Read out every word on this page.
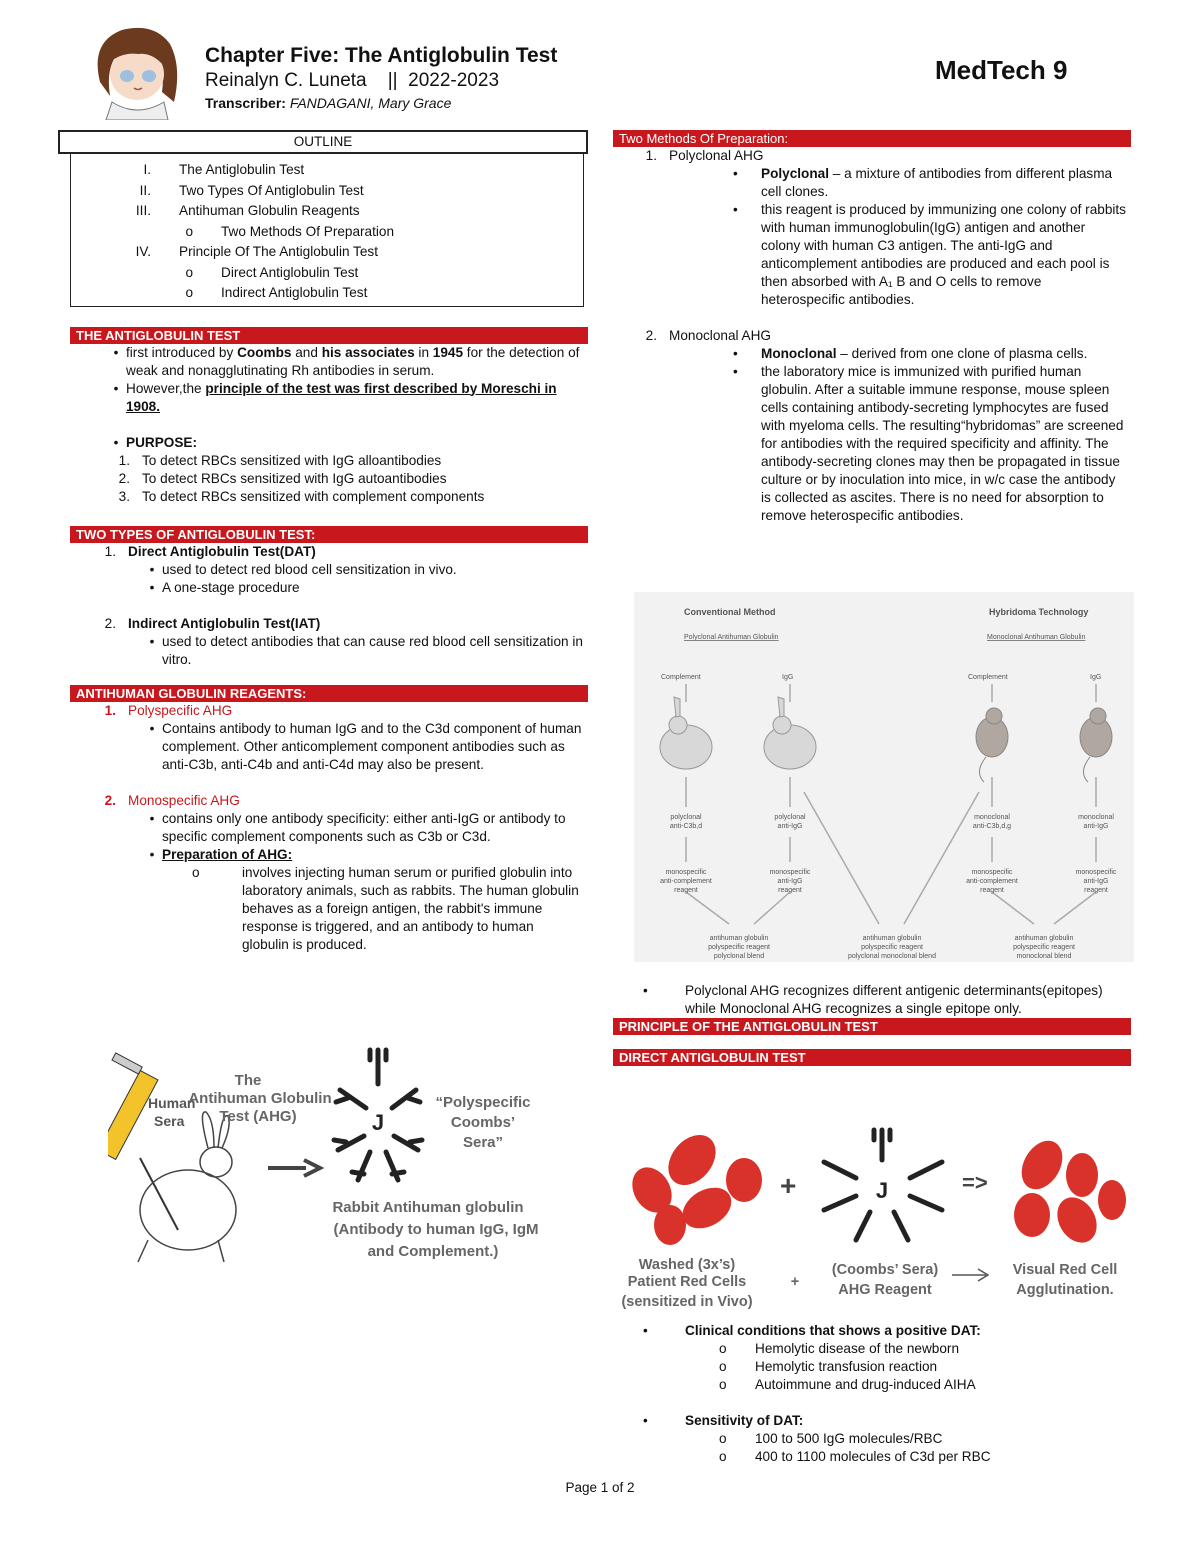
Chapter Five: The Antiglobulin Test
Reinalyn C. Luneta    ||  2022-2023
Transcriber: FANDAGANI, Mary Grace
MedTech 9
OUTLINE
I.	The Antiglobulin Test
II.	Two Types Of Antiglobulin Test
III.	Antihuman Globulin Reagents
o	Two Methods Of Preparation
IV.	Principle Of The Antiglobulin Test
o	Direct Antiglobulin Test
o	Indirect Antiglobulin Test
THE ANTIGLOBULIN TEST
• first introduced by Coombs and his associates in 1945 for the detection of weak and nonagglutinating Rh antibodies in serum.
• However,the principle of the test was first described by Moreschi in 1908.
• PURPOSE:
1. To detect RBCs sensitized with IgG alloantibodies
2. To detect RBCs sensitized with IgG autoantibodies
3. To detect RBCs sensitized with complement components
TWO TYPES OF ANTIGLOBULIN TEST:
1. Direct Antiglobulin Test(DAT)
• used to detect red blood cell sensitization in vivo.
• A one-stage procedure
2. Indirect Antiglobulin Test(IAT)
• used to detect antibodies that can cause red blood cell sensitization in vitro.
ANTIHUMAN GLOBULIN REAGENTS:
1. Polyspecific AHG
• Contains antibody to human IgG and to the C3d component of human complement. Other anticomplement component antibodies such as anti-C3b, anti-C4b and anti-C4d may also be present.
2. Monospecific AHG
• contains only one antibody specificity: either anti-IgG or antibody to specific complement components such as C3b or C3d.
• Preparation of AHG:
o	involves injecting human serum or purified globulin into laboratory animals, such as rabbits. The human globulin behaves as a foreign antigen, the rabbit's immune response is triggered, and an antibody to human globulin is produced.
Human
Sera
The
Antihuman Globulin
Test (AHG)	J
“Polyspecific
Coombs’
Sera”
Rabbit Antihuman globulin
(Antibody to human IgG, IgM
and Complement.)
Two Methods Of Preparation:
1. Polyclonal AHG
•	Polyclonal – a mixture of antibodies from different plasma cell clones.
•	this reagent is produced by immunizing one colony of rabbits with human immunoglobulin(IgG) antigen and another colony with human C3 antigen. The anti-IgG and anticomplement antibodies are produced and each pool is then absorbed with A₁ B and O cells to remove heterospecific antibodies.
2. Monoclonal AHG
•	Monoclonal – derived from one clone of plasma cells.
•	the laboratory mice is immunized with purified human globulin. After a suitable immune response, mouse spleen cells containing antibody-secreting lymphocytes are fused with myeloma cells. The resulting“hybridomas” are screened for antibodies with the required specificity and affinity. The antibody-secreting clones may then be propagated in tissue culture or by inoculation into mice, in w/c case the antibody is collected as ascites. There is no need for absorption to remove heterospecific antibodies.
Conventional Method	Hybridoma Technology
Polyclonal Antihuman Globulin	Monoclonal Antihuman Globulin
Complement	IgG	Complement	IgG
polyclonal
anti-C3b,d
polyclonal
anti-IgG
monoclonal
anti-C3b,d,g
monoclonal
anti-IgG
monospecific
anti-complement
reagent
monospecific
anti-IgG
reagent
monospecific
anti-complement
reagent
monospecific
anti-IgG
reagent
antihuman globulin
polyspecific reagent
polyclonal blend
antihuman globulin
polyspecific reagent
polyclonal monoclonal blend
antihuman globulin
polyspecific reagent
monoclonal blend
•	Polyclonal AHG recognizes different antigenic determinants(epitopes) while Monoclonal AHG recognizes a single epitope only.
PRINCIPLE OF THE ANTIGLOBULIN TEST
DIRECT ANTIGLOBULIN TEST
+	J	=>
Washed (3x’s)
Patient Red Cells
(sensitized in Vivo)
+
(Coombs’ Sera)
AHG Reagent
Visual Red Cell
Agglutination.
•	Clinical conditions that shows a positive DAT:
o	Hemolytic disease of the newborn
o	Hemolytic transfusion reaction
o	Autoimmune and drug-induced AIHA
•	Sensitivity of DAT:
o	100 to 500 IgG molecules/RBC
o	400 to 1100 molecules of C3d per RBC
Page 1 of 2
